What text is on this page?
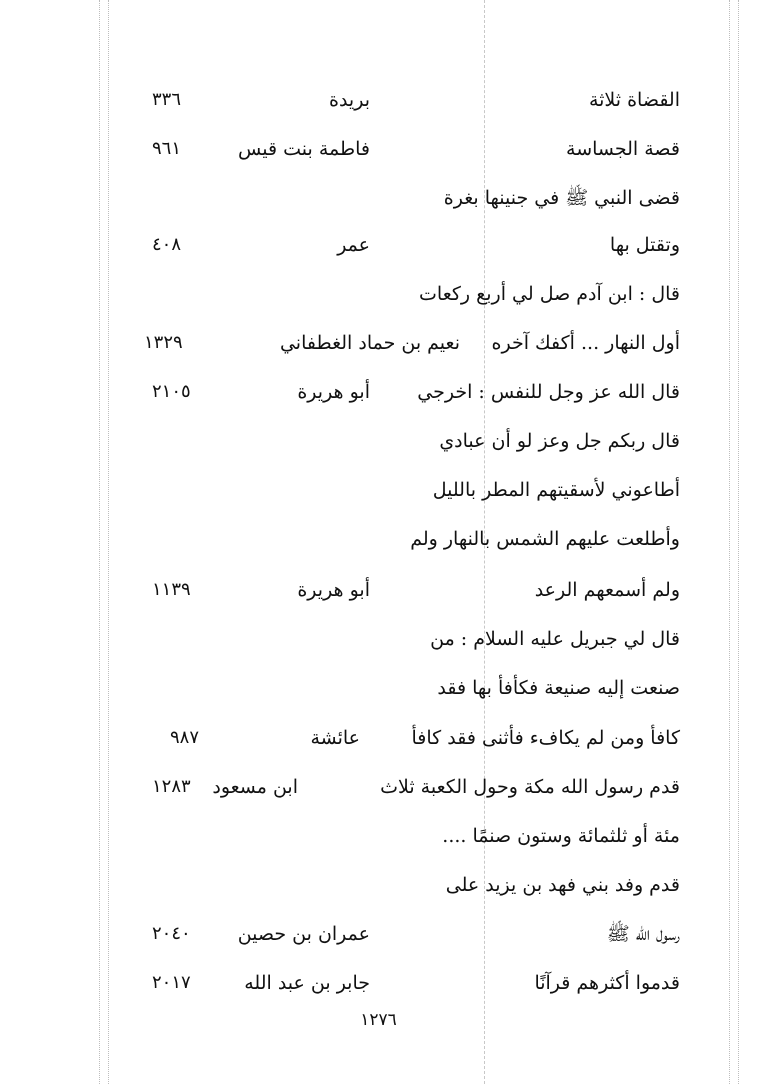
القضاة ثلاثة
بريدة
٣٣٦
قصة الجساسة
فاطمة بنت قيس
٩٦١
قضى النبي ﷺ في جنينها بغرة
وتقتل بها
عمر
٤٠٨
قال : ابن آدم صل لي أربع ركعات
أول النهار ... أكفك آخره
نعيم بن حماد الغطفاني
١٣٢٩
قال الله عز وجل للنفس : اخرجي
أبو هريرة
٢١٠٥
قال ربكم جل وعز لو أن عبادي
أطاعوني لأسقيتهم المطر بالليل
وأطلعت عليهم الشمس بالنهار ولم
ولم أسمعهم الرعد
أبو هريرة
١١٣٩
قال لي جبريل عليه السلام : من
صنعت إليه صنيعة فكأفأ بها فقد
كافأ ومن لم يكافء فأثنى فقد كافأ
عائشة
٩٨٧
قدم رسول الله مكة وحول الكعبة ثلاث
ابن مسعود
١٢٨٣
مئة أو ثلثمائة وستون صنمًا ....
قدم وفد بني فهد بن يزيد على
رسول الله ﷺ
عمران بن حصين
٢٠٤٠
قدموا أكثرهم قرآنًا
جابر بن عبد الله
٢٠١٧
١٢٧٦
